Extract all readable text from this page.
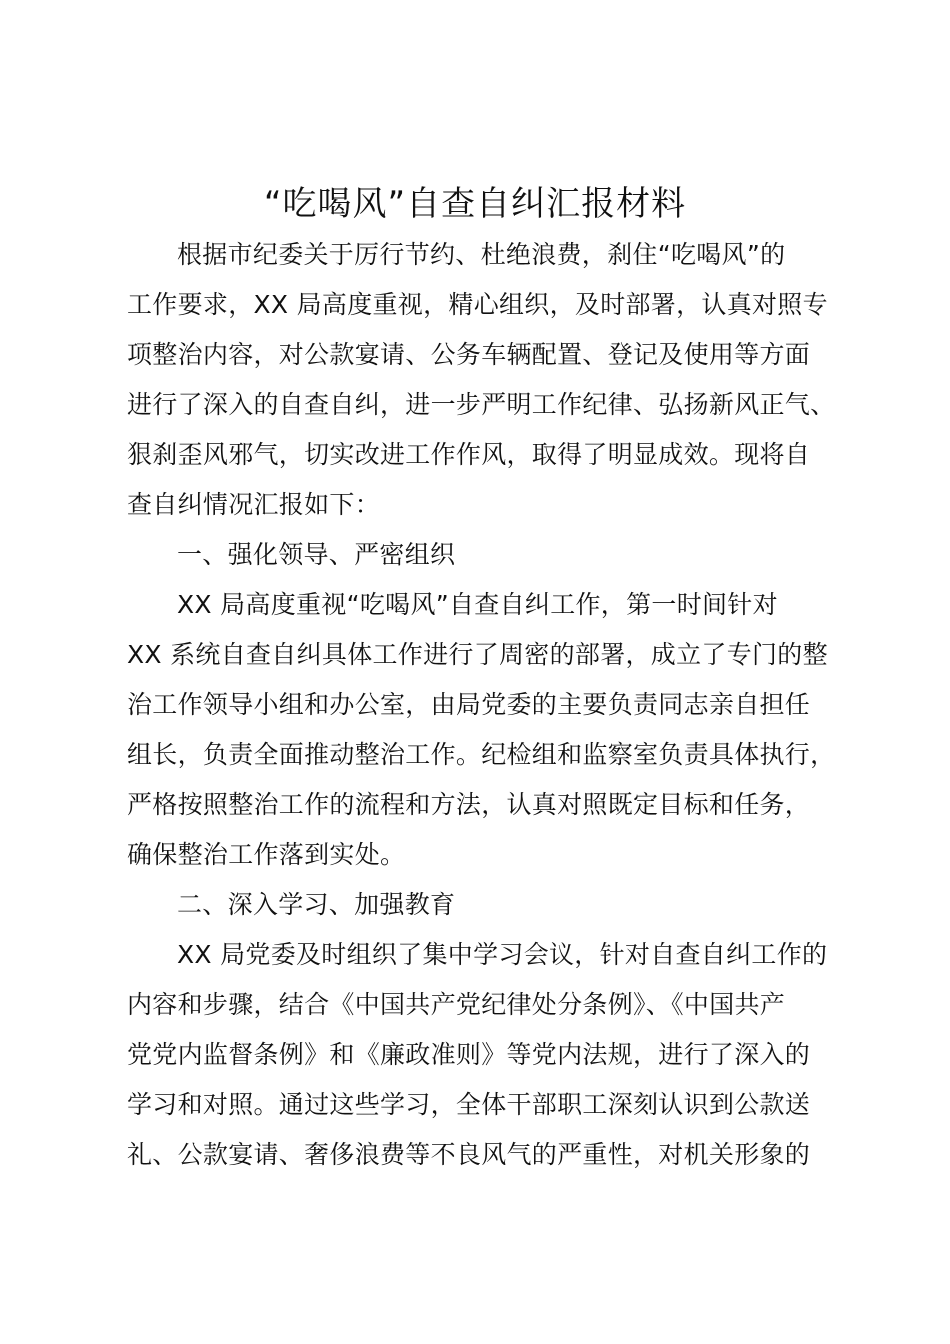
“吃喝风”自查自纠汇报材料
根据市纪委关于厉行节约、杜绝浪费，刹住“吃喝风”的
工作要求，XX 局高度重视，精心组织，及时部署，认真对照专
项整治内容，对公款宴请、公务车辆配置、登记及使用等方面
进行了深入的自查自纠，进一步严明工作纪律、弘扬新风正气、
狠刹歪风邪气，切实改进工作作风，取得了明显成效。现将自
查自纠情况汇报如下：
一、强化领导、严密组织
XX 局高度重视“吃喝风”自查自纠工作，第一时间针对
XX 系统自查自纠具体工作进行了周密的部署，成立了专门的整
治工作领导小组和办公室，由局党委的主要负责同志亲自担任
组长，负责全面推动整治工作。纪检组和监察室负责具体执行，
严格按照整治工作的流程和方法，认真对照既定目标和任务，
确保整治工作落到实处。
二、深入学习、加强教育
XX 局党委及时组织了集中学习会议，针对自查自纠工作的
内容和步骤，结合《中国共产党纪律处分条例》、《中国共产
党党内监督条例》和《廉政准则》等党内法规，进行了深入的
学习和对照。通过这些学习，全体干部职工深刻认识到公款送
礼、公款宴请、奢侈浪费等不良风气的严重性，对机关形象的
